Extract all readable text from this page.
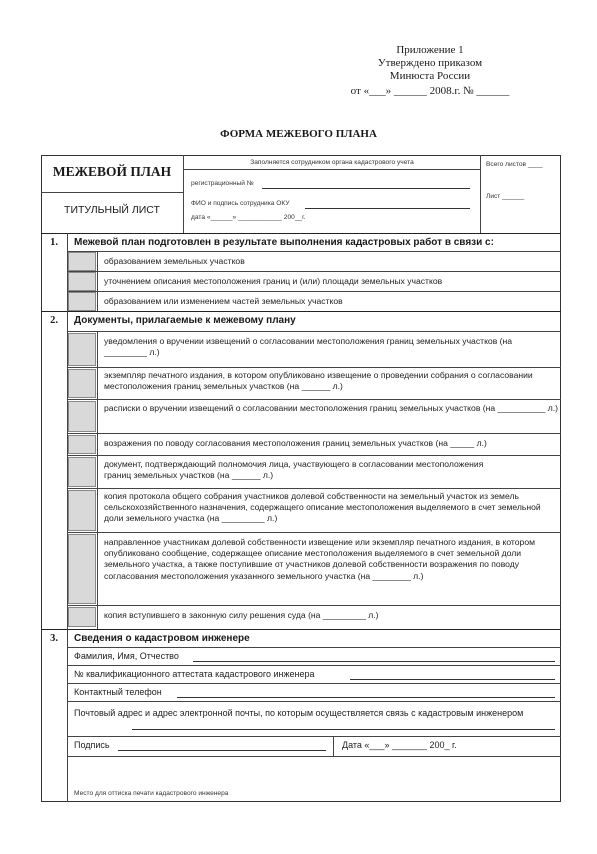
Приложение 1
Утверждено приказом
Минюста России
от «___» ______ 2008.г. № ______
ФОРМА МЕЖЕВОГО ПЛАНА
МЕЖЕВОЙ ПЛАН
ТИТУЛЬНЫЙ ЛИСТ
Заполняется сотрудником органа кадастрового учета
регистрационный №
ФИО и подпись сотрудника ОКУ
дата «______» ____________ 200__г.
Всего листов ____
Лист ______
1.	Межевой план подготовлен в результате выполнения кадастровых работ в связи с:
образованием земельных участков
уточнением описания местоположения границ и (или) площади земельных участков
образованием или изменением частей земельных участков
2.	Документы, прилагаемые к межевому плану
уведомления о вручении извещений о согласовании местоположения границ земельных участков (на _________ л.)
экземпляр печатного издания, в котором опубликовано извещение о проведении собрания о согласовании местоположения границ земельных участков (на ______ л.)
расписки о вручении извещений о согласовании местоположения границ земельных участков (на __________ л.)
возражения по поводу согласования местоположения границ земельных участков (на _____ л.)
документ, подтверждающий полномочия лица, участвующего в согласовании местоположения границ земельных участков (на ______ л.)
копия протокола общего собрания участников долевой собственности на земельный участок из земель сельскохозяйственного назначения, содержащего описание местоположения выделяемого в счет земельной доли земельного участка (на _________ л.)
направленное участникам долевой собственности извещение или экземпляр печатного издания, в котором опубликовано сообщение, содержащее описание местоположения выделяемого в счет земельной доли земельного участка, а также поступившие от участников долевой собственности возражения по поводу согласования местоположения указанного земельного участка (на ________ л.)
копия вступившего в законную силу решения суда (на _________ л.)
3.	Сведения о кадастровом инженере
Фамилия, Имя, Отчество
№ квалификационного аттестата кадастрового инженера
Контактный телефон
Почтовый адрес и адрес электронной почты, по которым осуществляется связь с кадастровым инженером
Подпись	Дата «___» _______ 200_ г.
Место для оттиска печати кадастрового инженера
